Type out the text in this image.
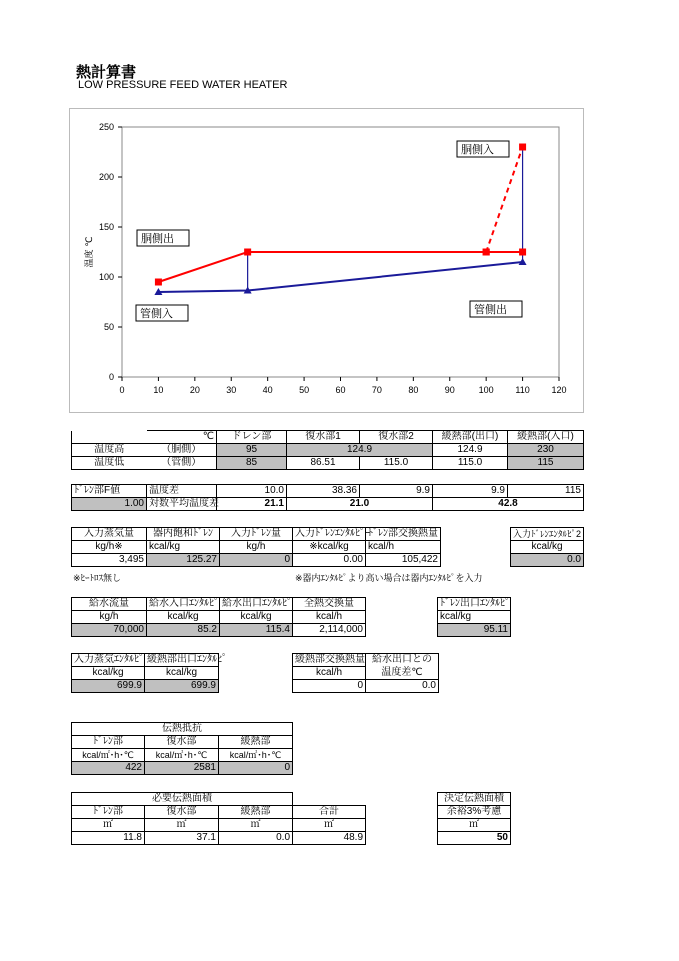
熱計算書
LOW PRESSURE FEED WATER HEATER
0
50
100
150
200
250
0	10	20	30	40	50	60	70	80	90	100 110 120
温度 ℃
胴側入
胴側出
管側入	管側出
	℃	ドレン部	復水部1	復水部2	緩熱部(出口)	緩熱部(入口)
温度高	（胴側）	95	124.9		124.9	230
温度低	（管側）	85	86.51	115.0	115.0	115
ﾄﾞﾚﾝ部F値	温度差	10.0	38.36	9.9	9.9	115
1.00	対数平均温度差	21.1	21.0		42.8	
入力蒸気量	器内飽和ﾄﾞﾚﾝ	入力ﾄﾞﾚﾝ量	入力ﾄﾞﾚﾝｴﾝﾀﾙﾋﾟｰ	ﾄﾞﾚﾝ部交換熱量
kg/h※	kcal/kg	kg/h	※kcal/kg	kcal/h
3,495	125.27	0	0.00	105,422
入力ﾄﾞﾚﾝｴﾝﾀﾙﾋﾟ2
kcal/kg
0.0
※ﾋｰﾄﾛｽ無し	※器内ｴﾝﾀﾙﾋﾟより高い場合は器内ｴﾝﾀﾙﾋﾟを入力
給水流量	給水入口ｴﾝﾀﾙﾋﾟ	給水出口ｴﾝﾀﾙﾋﾟ	全熱交換量
kg/h	kcal/kg	kcal/kg	kcal/h
70,000	85.2	115.4	2,114,000
ﾄﾞﾚﾝ出口ｴﾝﾀﾙﾋﾟ
kcal/kg
95.11
入力蒸気ｴﾝﾀﾙﾋﾟ	緩熱部出口ｴﾝﾀﾙﾋﾟ
kcal/kg	kcal/kg
699.9	699.9
緩熱部交換熱量	給水出口との
kcal/h	温度差℃
0	0.0
伝熱抵抗		
ﾄﾞﾚﾝ部	復水部	緩熱部
kcal/㎡･h･℃	kcal/㎡･h･℃	kcal/㎡･h･℃
422	2581	0
必要伝熱面積			
ﾄﾞﾚﾝ部	復水部	緩熱部	合計
㎡	㎡	㎡	㎡
11.8	37.1	0.0	48.9
決定伝熱面積
余裕3%考慮
㎡
50
